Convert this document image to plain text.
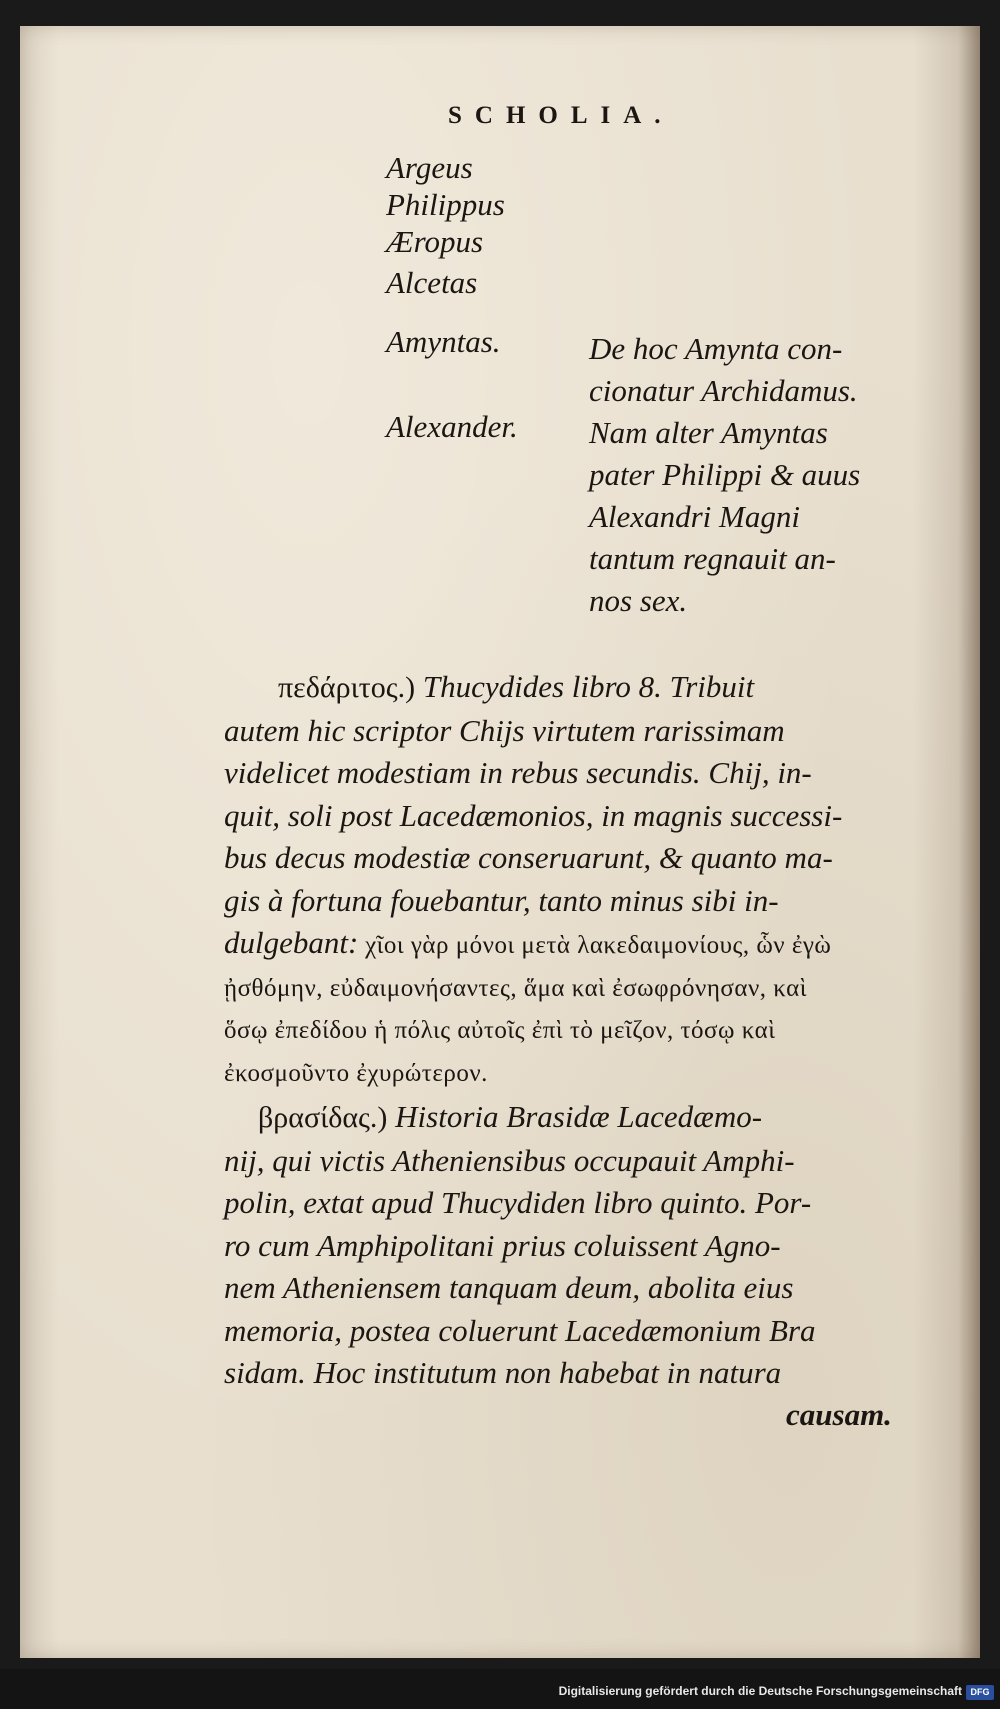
SCHOLIA.
Argeus
Philippus
Æropus
Alcetas
Amyntas.
Alexander.
De hoc Amynta con-
cionatur Archidamus.
Nam alter Amyntas
pater Philippi & auus
Alexandri Magni
tantum regnauit an-
nos sex.
πεδάριτος.) Thucydides libro 8. Tribuit
autem hic scriptor Chijs virtutem rarissimam
videlicet modestiam in rebus secundis. Chij, in-
quit, soli post Lacedæmonios, in magnis successi-
bus decus modestiæ conseruarunt, & quanto ma-
gis à fortuna fouebantur, tanto minus sibi in-
dulgebant: χῖοι γὰρ μόνοι μετὰ λακεδαιμονίους, ὧν ἐγὼ
ᾐσθόμην, εὐδαιμονήσαντες, ἅμα καὶ ἐσωφρόνησαν, καὶ
ὅσῳ ἐπεδίδου ἡ πόλις αὐτοῖς ἐπὶ τὸ μεῖζον, τόσῳ καὶ
ἐκοσμοῦντο ἐχυρώτερον.
βρασίδας.) Historia Brasidæ Lacedæmo-
nij, qui victis Atheniensibus occupauit Amphi-
polin, extat apud Thucydiden libro quinto. Por-
ro cum Amphipolitani prius coluissent Agno-
nem Atheniensem tanquam deum, abolita eius
memoria, postea coluerunt Lacedæmonium Bra
sidam. Hoc institutum non habebat in natura
causam.
Digitalisierung gefördert durch die Deutsche Forschungsgemeinschaft DFG
